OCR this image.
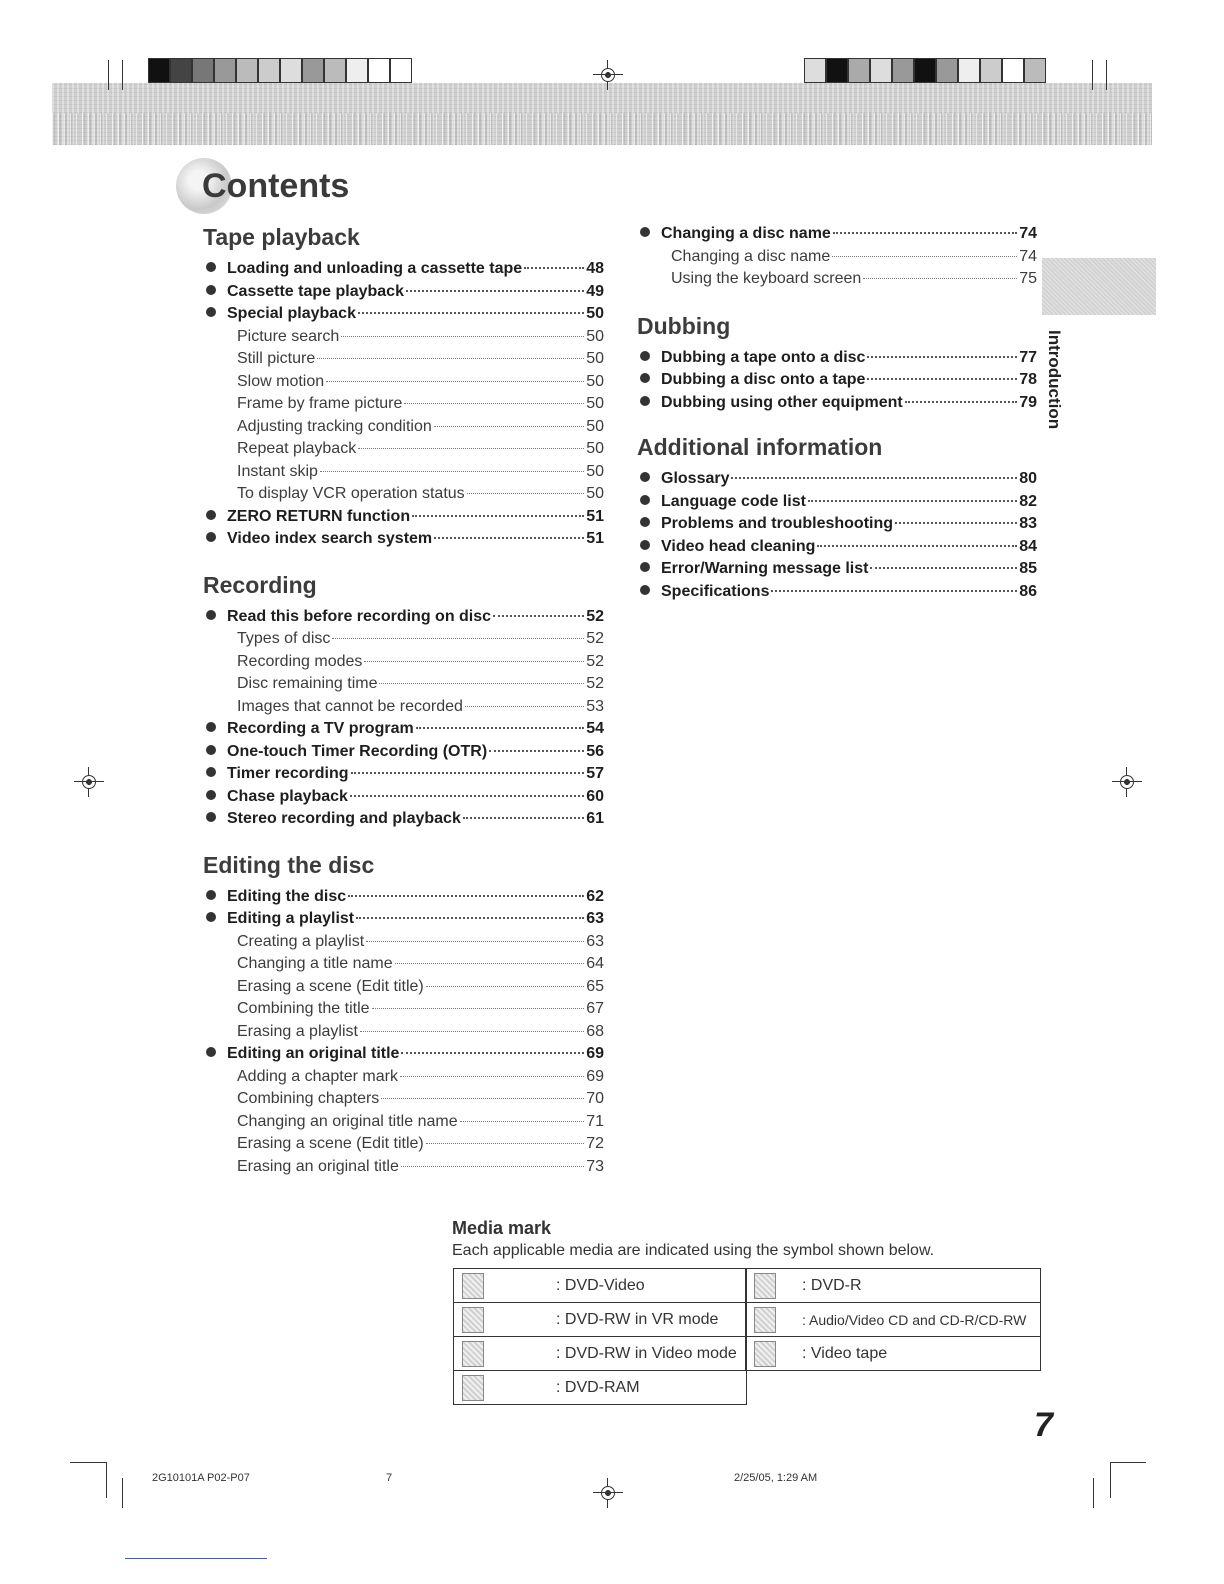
Contents
Tape playback
Loading and unloading a cassette tape	48
Cassette tape playback	49
Special playback	50
Picture search	50
Still picture	50
Slow motion	50
Frame by frame picture	50
Adjusting tracking condition	50
Repeat playback	50
Instant skip	50
To display VCR operation status	50
ZERO RETURN function	51
Video index search system	51
Recording
Read this before recording on disc	52
Types of disc	52
Recording modes	52
Disc remaining time	52
Images that cannot be recorded	53
Recording a TV program	54
One-touch Timer Recording (OTR)	56
Timer recording	57
Chase playback	60
Stereo recording and playback	61
Editing the disc
Editing the disc	62
Editing a playlist	63
Creating a playlist	63
Changing a title name	64
Erasing a scene (Edit title)	65
Combining the title	67
Erasing a playlist	68
Editing an original title	69
Adding a chapter mark	69
Combining chapters	70
Changing an original title name	71
Erasing a scene (Edit title)	72
Erasing an original title	73
Changing a disc name	74
Changing a disc name	74
Using the keyboard screen	75
Dubbing
Dubbing a tape onto a disc	77
Dubbing a disc onto a tape	78
Dubbing using other equipment	79
Additional information
Glossary	80
Language code list	82
Problems and troubleshooting	83
Video head cleaning	84
Error/Warning message list	85
Specifications	86
Introduction
Media mark

Each applicable media are indicated using the symbol shown below.

: DVD-Video
: DVD-RW in VR mode
: DVD-RW in Video mode
: DVD-RAM
: DVD-R
: Audio/Video CD and CD-R/CD-RW
: Video tape

7

2G10101A P02-P07	7	2/25/05, 1:29 AM
